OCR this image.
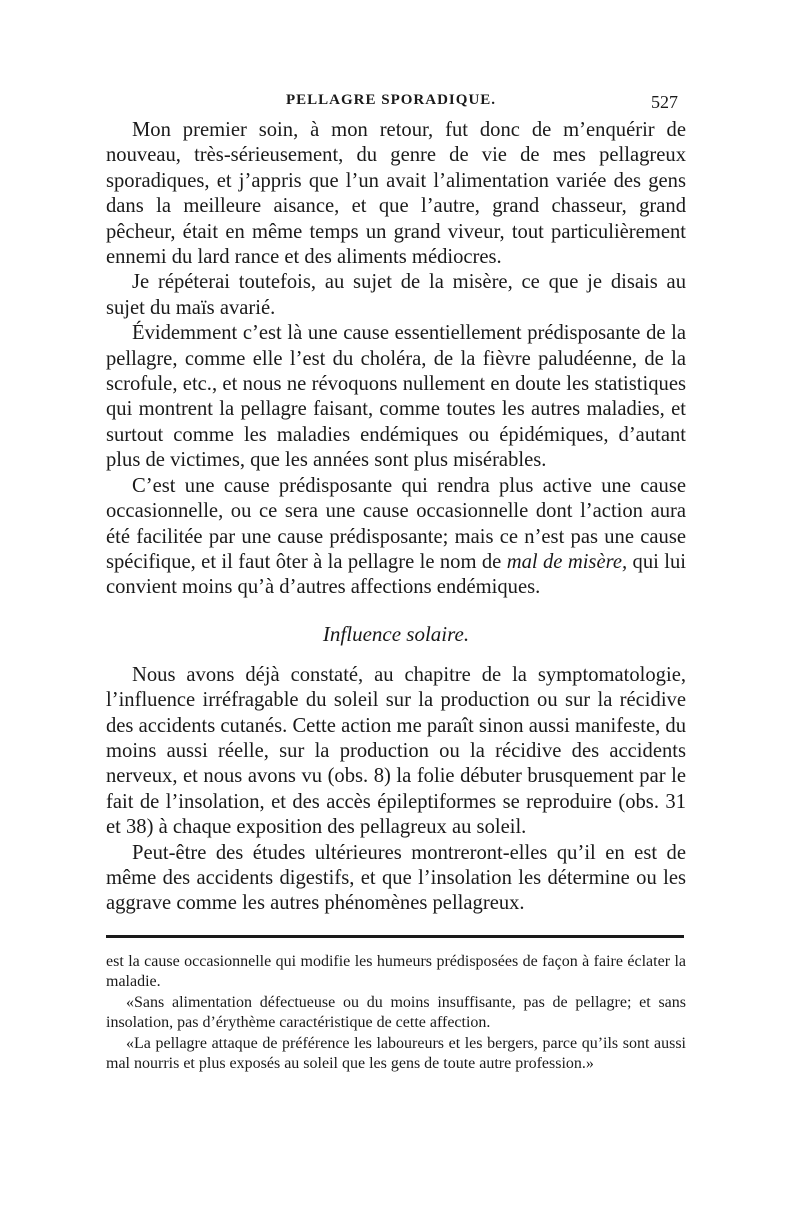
PELLAGRE SPORADIQUE.	527

Mon premier soin, à mon retour, fut donc de m’enquérir de nouveau, très-sérieusement, du genre de vie de mes pellagreux sporadiques, et j’appris que l’un avait l’alimentation variée des gens dans la meilleure aisance, et que l’autre, grand chasseur, grand pêcheur, était en même temps un grand viveur, tout particulièrement ennemi du lard rance et des aliments médiocres.

Je répéterai toutefois, au sujet de la misère, ce que je disais au sujet du maïs avarié.

Évidemment c’est là une cause essentiellement prédisposante de la pellagre, comme elle l’est du choléra, de la fièvre paludéenne, de la scrofule, etc., et nous ne révoquons nullement en doute les statistiques qui montrent la pellagre faisant, comme toutes les autres maladies, et surtout comme les maladies endémiques ou épidémiques, d’autant plus de victimes, que les années sont plus misérables.

C’est une cause prédisposante qui rendra plus active une cause occasionnelle, ou ce sera une cause occasionnelle dont l’action aura été facilitée par une cause prédisposante; mais ce n’est pas une cause spécifique, et il faut ôter à la pellagre le nom de mal de misère, qui lui convient moins qu’à d’autres affections endémiques.

Influence solaire.

Nous avons déjà constaté, au chapitre de la symptomatologie, l’influence irréfragable du soleil sur la production ou sur la récidive des accidents cutanés. Cette action me paraît sinon aussi manifeste, du moins aussi réelle, sur la production ou la récidive des accidents nerveux, et nous avons vu (obs. 8) la folie débuter brusquement par le fait de l’insolation, et des accès épileptiformes se reproduire (obs. 31 et 38) à chaque exposition des pellagreux au soleil.

Peut-être des études ultérieures montreront-elles qu’il en est de même des accidents digestifs, et que l’insolation les détermine ou les aggrave comme les autres phénomènes pellagreux.

est la cause occasionnelle qui modifie les humeurs prédisposées de façon à faire éclater la maladie.

«Sans alimentation défectueuse ou du moins insuffisante, pas de pellagre; et sans insolation, pas d’érythème caractéristique de cette affection.

«La pellagre attaque de préférence les laboureurs et les bergers, parce qu’ils sont aussi mal nourris et plus exposés au soleil que les gens de toute autre profession.»
